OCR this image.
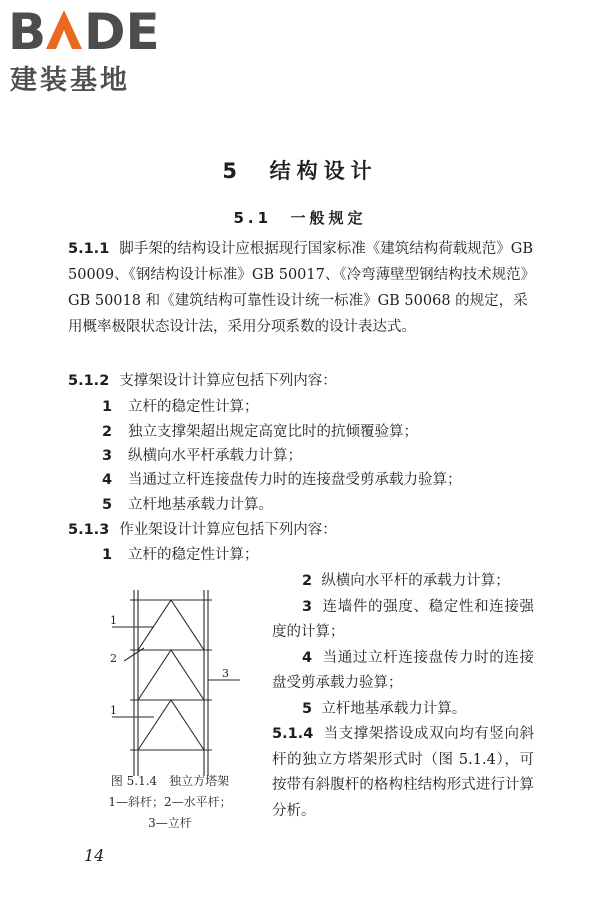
B DE
建装基地
5 结构设计
5.1 一般规定
5.1.1 脚手架的结构设计应根据现行国家标准《建筑结构荷载规范》GB 50009、《钢结构设计标准》GB 50017、《冷弯薄壁型钢结构技术规范》GB 50018 和《建筑结构可靠性设计统一标准》GB 50068 的规定，采用概率极限状态设计法，采用分项系数的设计表达式。
5.1.2 支撑架设计计算应包括下列内容：
1 立杆的稳定性计算；
2 独立支撑架超出规定高宽比时的抗倾覆验算；
3 纵横向水平杆承载力计算；
4 当通过立杆连接盘传力时的连接盘受剪承载力验算；
5 立杆地基承载力计算。
5.1.3 作业架设计计算应包括下列内容：
1 立杆的稳定性计算；

2 纵横向水平杆的承载力计算；

3 连墙件的强度、稳定性和连接强度的计算；

4 当通过立杆连接盘传力时的连接盘受剪承载力验算；

5 立杆地基承载力计算。

5.1.4 当支撑架搭设成双向均有竖向斜杆的独立方塔架形式时（图 5.1.4），可按带有斜腹杆的格构柱结构形式进行计算分析。

1
2
1
3
图 5.1.4　独立方塔架
1—斜杆；2—水平杆；
3—立杆
14
